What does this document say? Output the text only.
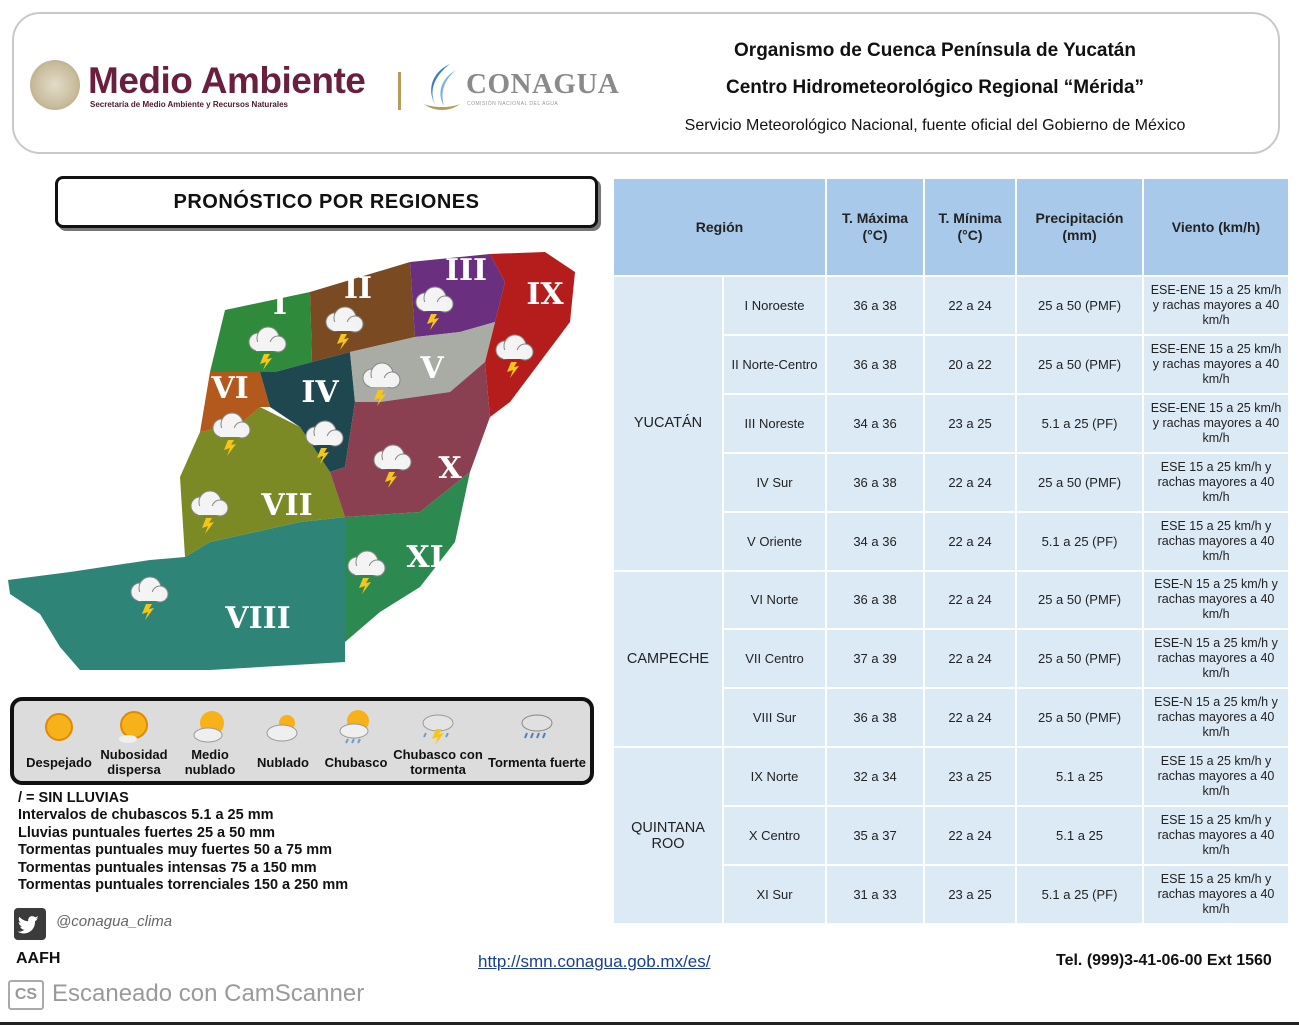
Medio Ambiente
Secretaría de Medio Ambiente y Recursos Naturales
CONAGUA
COMISIÓN NACIONAL DEL AGUA
Organismo de Cuenca Península de Yucatán
Centro Hidrometeorológico Regional “Mérida”
Servicio Meteorológico Nacional, fuente oficial del Gobierno de México
PRONÓSTICO POR REGIONES
I II
III
IX
VI IV
V
X
VII
XI
VIII
Despejado
Nubosidad dispersa
Medio nublado	Nublado	Chubasco
Chubasco con tormenta	Tormenta fuerte
/ = SIN LLUVIAS
Intervalos de chubascos 5.1 a 25 mm
Lluvias puntuales fuertes 25 a 50 mm
Tormentas puntuales muy fuertes 50 a 75 mm
Tormentas puntuales intensas 75 a 150 mm
Tormentas puntuales torrenciales 150 a 250 mm
Región		T. Máxima (°C)	T. Mínima (°C)	Precipitación (mm)	Viento (km/h)
YUCATÁN	I Noroeste	36 a 38	22 a 24	25 a 50 (PMF)	ESE-ENE 15 a 25 km/h y rachas mayores a 40 km/h
	II Norte-Centro	36 a 38	20 a 22	25 a 50 (PMF)	ESE-ENE 15 a 25 km/h y rachas mayores a 40 km/h
	III Noreste	34 a 36	23 a 25	5.1 a 25 (PF)	ESE-ENE 15 a 25 km/h y rachas mayores a 40 km/h
	IV Sur	36 a 38	22 a 24	25 a 50 (PMF)	ESE 15 a 25 km/h y rachas mayores a 40 km/h
	V Oriente	34 a 36	22 a 24	5.1 a 25 (PF)	ESE 15 a 25 km/h y rachas mayores a 40 km/h
CAMPECHE	VI Norte	36 a 38	22 a 24	25 a 50 (PMF)	ESE-N 15 a 25 km/h y rachas mayores a 40 km/h
	VII Centro	37 a 39	22 a 24	25 a 50 (PMF)	ESE-N 15 a 25 km/h y rachas mayores a 40 km/h
	VIII Sur	36 a 38	22 a 24	25 a 50 (PMF)	ESE-N 15 a 25 km/h y rachas mayores a 40 km/h
QUINTANA ROO	IX Norte	32 a 34	23 a 25	5.1 a 25	ESE 15 a 25 km/h y rachas mayores a 40 km/h
	X Centro	35 a 37	22 a 24	5.1 a 25	ESE 15 a 25 km/h y rachas mayores a 40 km/h
	XI Sur	31 a 33	23 a 25	5.1 a 25 (PF)	ESE 15 a 25 km/h y rachas mayores a 40 km/h
@conagua_clima
AAFH	http://smn.conagua.gob.mx/es/	Tel. (999)3-41-06-00 Ext 1560
CS Escaneado con CamScanner
